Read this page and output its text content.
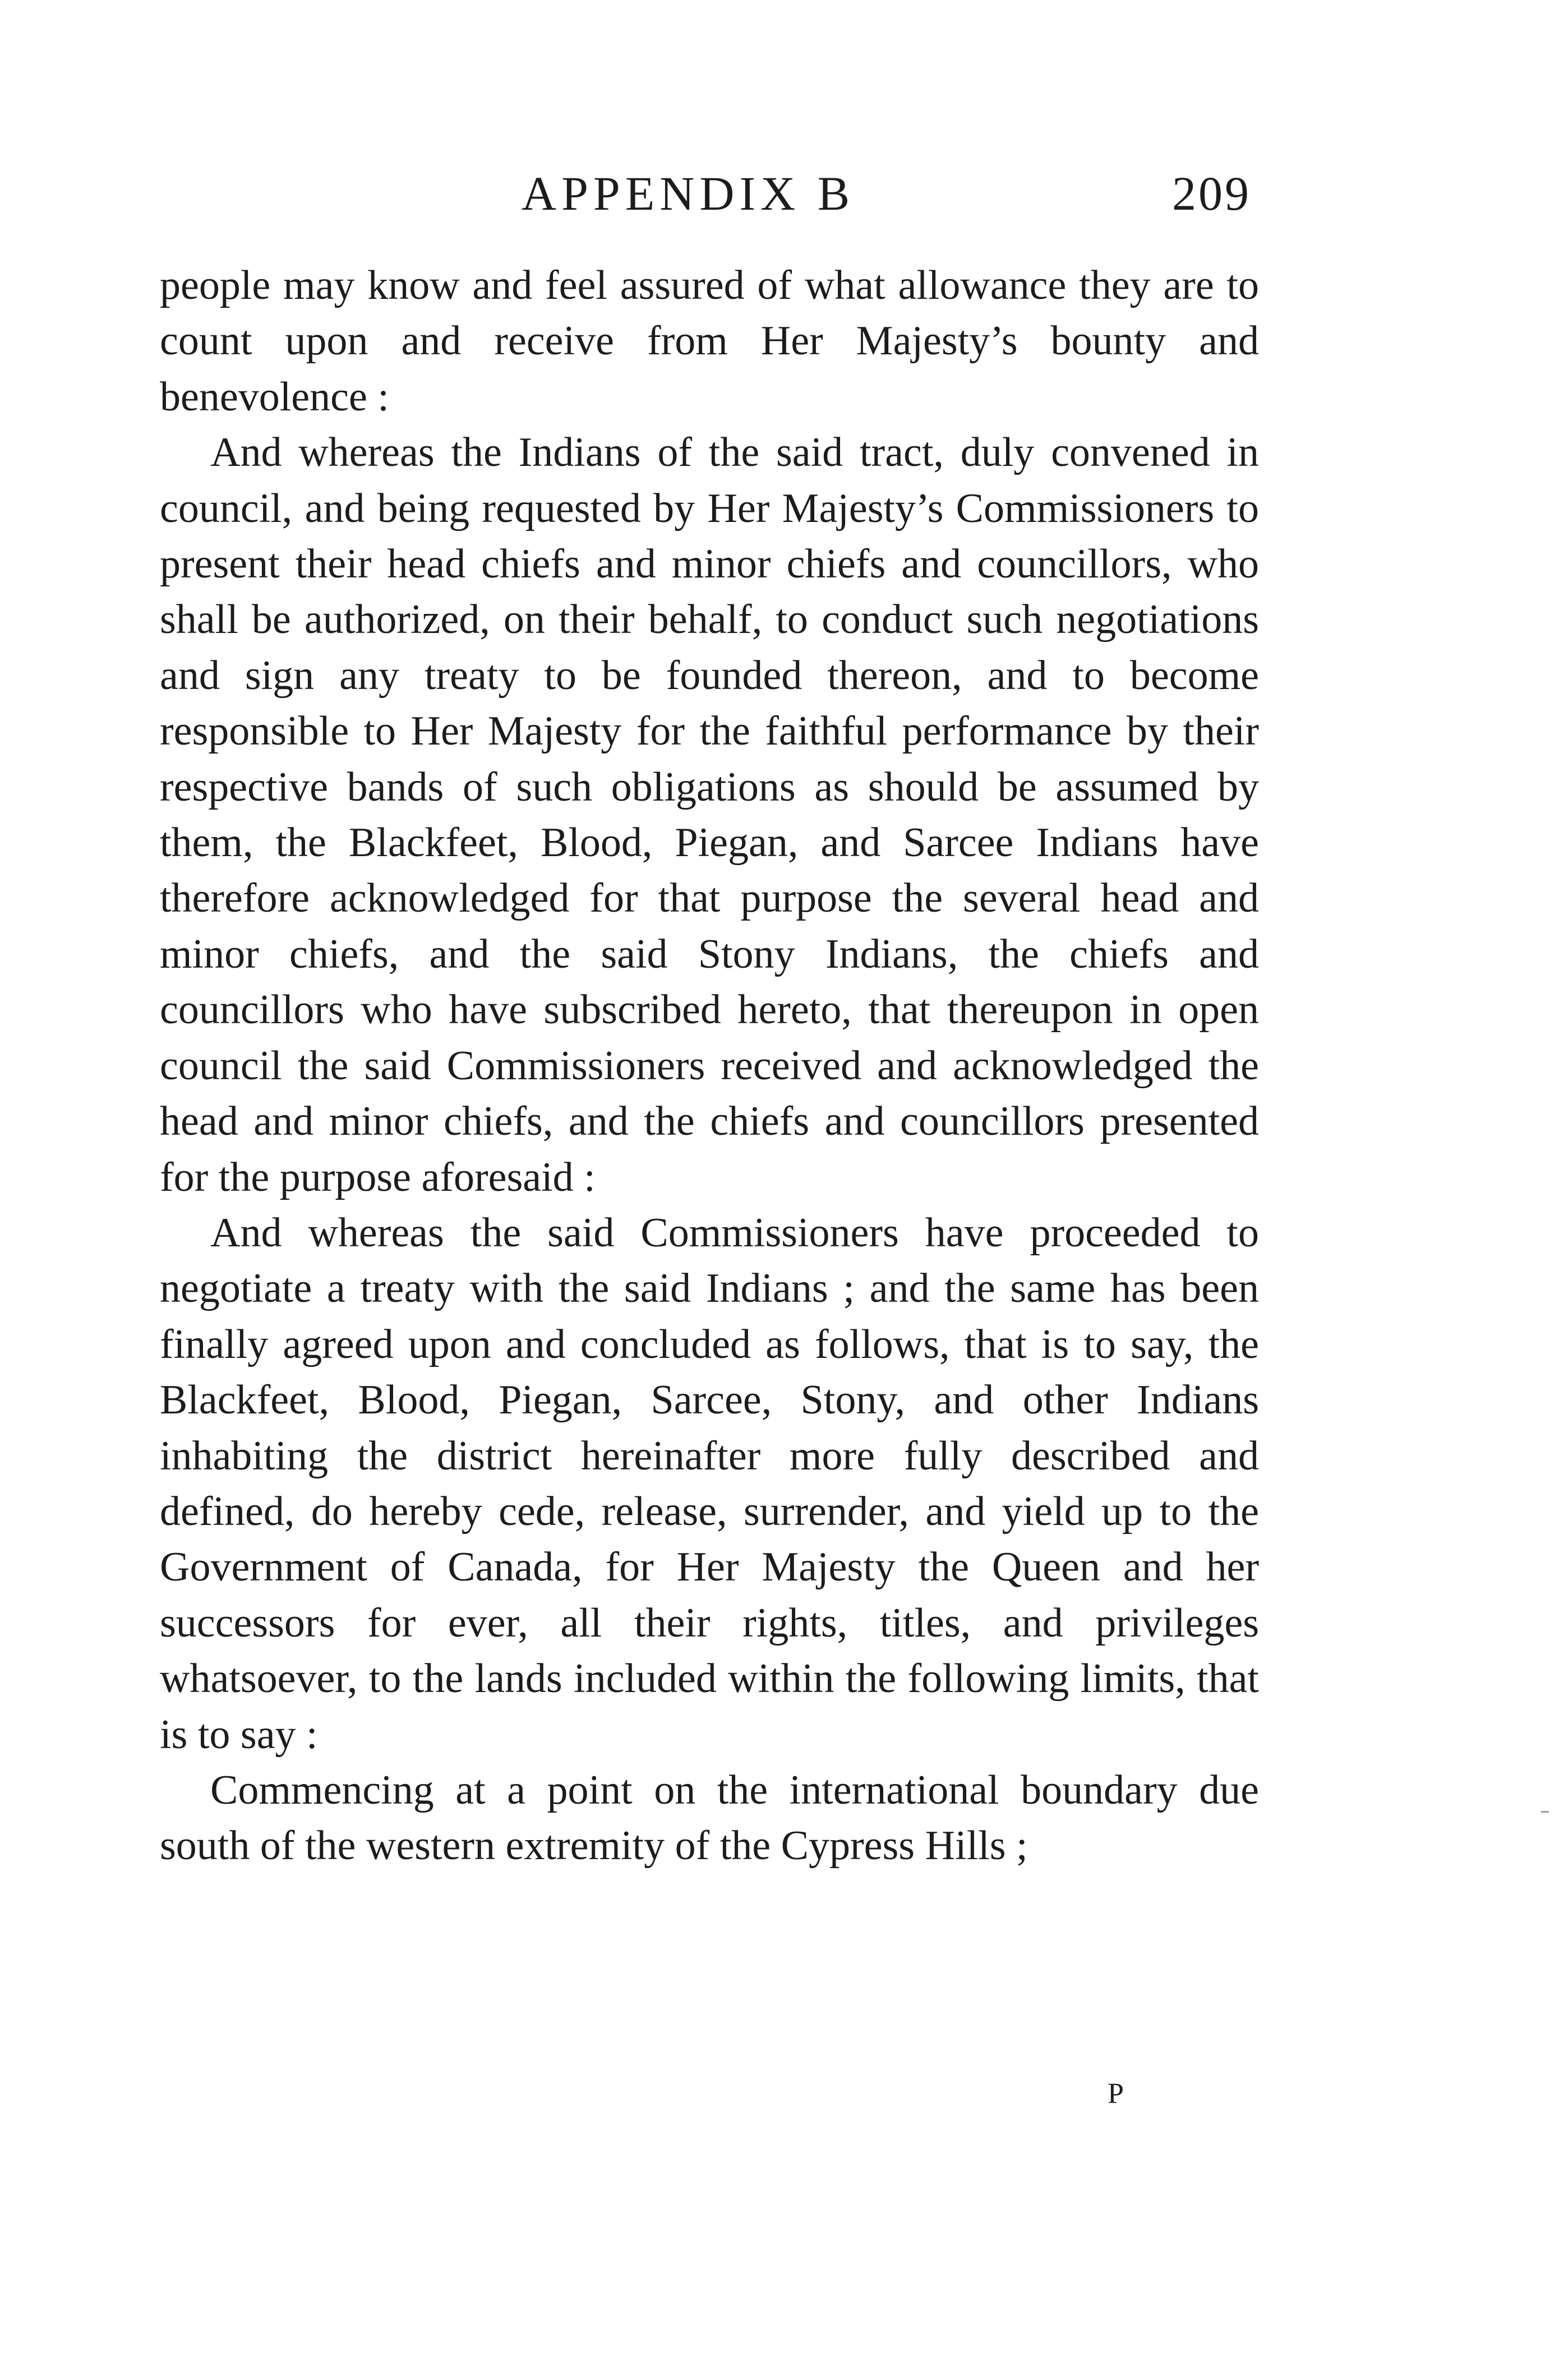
APPENDIX B	209

people may know and feel assured of what allowance they are to count upon and receive from Her Majesty’s bounty and benevolence :

And whereas the Indians of the said tract, duly convened in council, and being requested by Her Majesty’s Commissioners to present their head chiefs and minor chiefs and councillors, who shall be authorized, on their behalf, to conduct such negotiations and sign any treaty to be founded thereon, and to become responsible to Her Majesty for the faithful performance by their respective bands of such obligations as should be assumed by them, the Blackfeet, Blood, Piegan, and Sarcee Indians have therefore acknowledged for that purpose the several head and minor chiefs, and the said Stony Indians, the chiefs and councillors who have subscribed hereto, that thereupon in open council the said Commissioners received and acknowledged the head and minor chiefs, and the chiefs and councillors presented for the purpose aforesaid :

And whereas the said Commissioners have proceeded to negotiate a treaty with the said Indians ; and the same has been finally agreed upon and concluded as follows, that is to say, the Blackfeet, Blood, Piegan, Sarcee, Stony, and other Indians inhabiting the district hereinafter more fully described and defined, do hereby cede, release, surrender, and yield up to the Government of Canada, for Her Majesty the Queen and her successors for ever, all their rights, titles, and privileges whatsoever, to the lands included within the following limits, that is to say :

Commencing at a point on the international boundary due south of the western extremity of the Cypress Hills ;

P
